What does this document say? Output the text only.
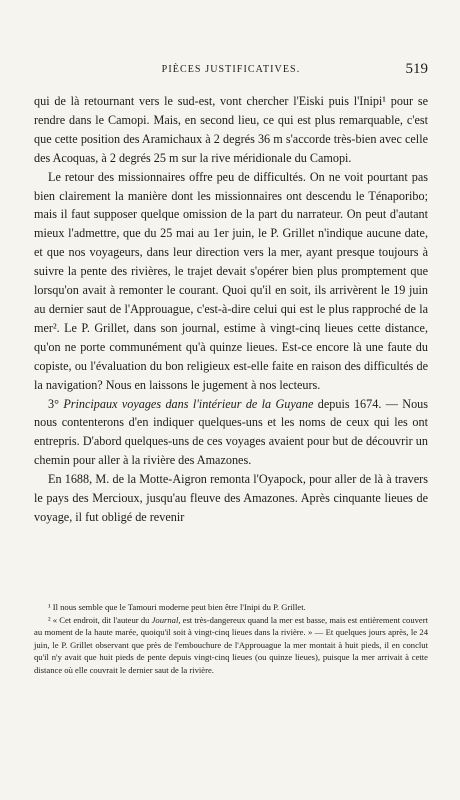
PIÈCES JUSTIFICATIVES.	519

qui de là retournant vers le sud-est, vont chercher l'Eiski puis l'Inipi¹ pour se rendre dans le Camopi. Mais, en second lieu, ce qui est plus remarquable, c'est que cette position des Aramichaux à 2 degrés 36 m s'accorde très-bien avec celle des Acoquas, à 2 degrés 25 m sur la rive méridionale du Camopi.

Le retour des missionnaires offre peu de difficultés. On ne voit pourtant pas bien clairement la manière dont les missionnaires ont descendu le Ténaporibo; mais il faut supposer quelque omission de la part du narrateur. On peut d'autant mieux l'admettre, que du 25 mai au 1er juin, le P. Grillet n'indique aucune date, et que nos voyageurs, dans leur direction vers la mer, ayant presque toujours à suivre la pente des rivières, le trajet devait s'opérer bien plus promptement que lorsqu'on avait à remonter le courant. Quoi qu'il en soit, ils arrivèrent le 19 juin au dernier saut de l'Approuague, c'est-à-dire celui qui est le plus rapproché de la mer². Le P. Grillet, dans son journal, estime à vingt-cinq lieues cette distance, qu'on ne porte communément qu'à quinze lieues. Est-ce encore là une faute du copiste, ou l'évaluation du bon religieux est-elle faite en raison des difficultés de la navigation? Nous en laissons le jugement à nos lecteurs.

3° Principaux voyages dans l'intérieur de la Guyane depuis 1674. — Nous nous contenterons d'en indiquer quelques-uns et les noms de ceux qui les ont entrepris. D'abord quelques-uns de ces voyages avaient pour but de découvrir un chemin pour aller à la rivière des Amazones.

En 1688, M. de la Motte-Aigron remonta l'Oyapock, pour aller de là à travers le pays des Mercioux, jusqu'au fleuve des Amazones. Après cinquante lieues de voyage, il fut obligé de revenir

¹ Il nous semble que le Tamouri moderne peut bien être l'Inipi du P. Grillet.

² « Cet endroit, dit l'auteur du Journal, est très-dangereux quand la mer est basse, mais est entièrement couvert au moment de la haute marée, quoiqu'il soit à vingt-cinq lieues dans la rivière. » — Et quelques jours après, le 24 juin, le P. Grillet observant que près de l'embouchure de l'Approuague la mer montait à huit pieds, il en conclut qu'il n'y avait que huit pieds de pente depuis vingt-cinq lieues (ou quinze lieues), puisque la mer arrivait à cette distance où elle couvrait le dernier saut de la rivière.
